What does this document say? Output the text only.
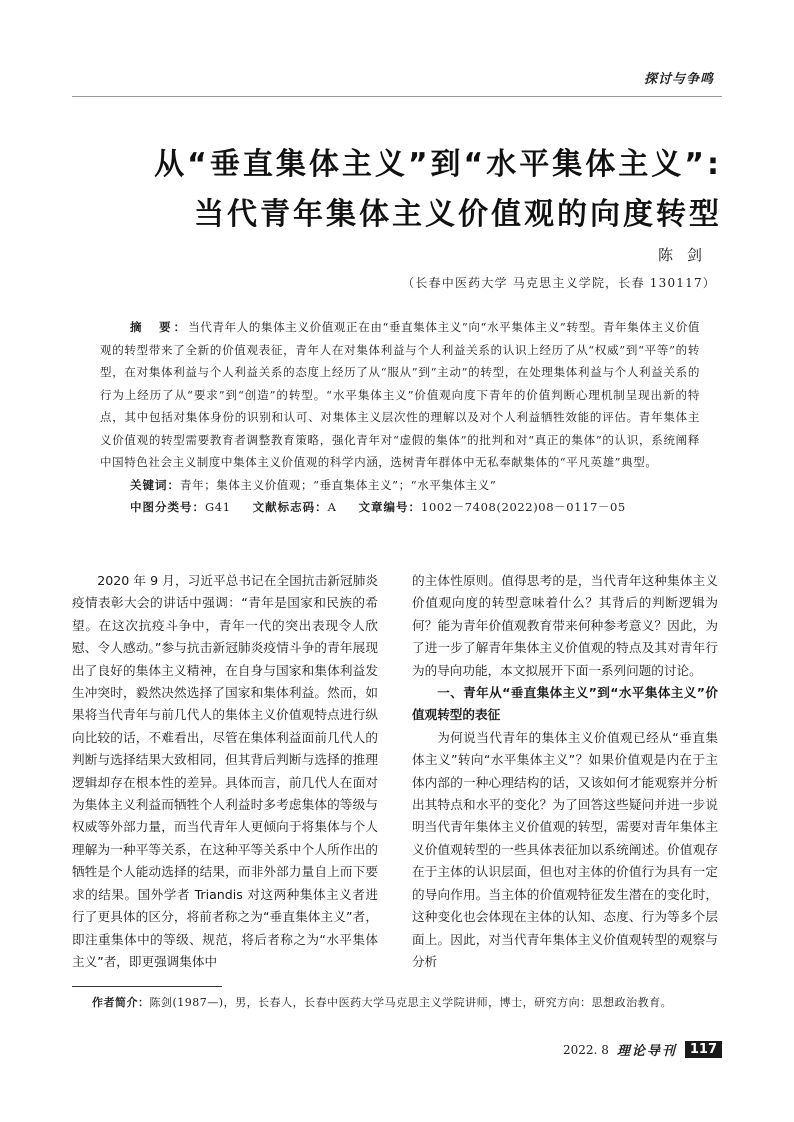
探讨与争鸣
从“垂直集体主义”到“水平集体主义”:
当代青年集体主义价值观的向度转型
陈剑
（长春中医药大学 马克思主义学院，长春 130117）
摘　要：当代青年人的集体主义价值观正在由“垂直集体主义”向“水平集体主义”转型。青年集体主义价值观的转型带来了全新的价值观表征，青年人在对集体利益与个人利益关系的认识上经历了从“权威”到“平等”的转型，在对集体利益与个人利益关系的态度上经历了从“服从”到“主动”的转型，在处理集体利益与个人利益关系的行为上经历了从“要求”到“创造”的转型。“水平集体主义”价值观向度下青年的价值判断心理机制呈现出新的特点，其中包括对集体身份的识别和认可、对集体主义层次性的理解以及对个人利益牺牲效能的评估。青年集体主义价值观的转型需要教育者调整教育策略，强化青年对“虚假的集体”的批判和对“真正的集体”的认识，系统阐释中国特色社会主义制度中集体主义价值观的科学内涵，选树青年群体中无私奉献集体的“平凡英雄”典型。
关键词：青年；集体主义价值观；“垂直集体主义”；“水平集体主义”
中图分类号：G41 文献标志码：A 文章编号：1002－7408(2022)08－0117－05

2020 年 9 月，习近平总书记在全国抗击新冠肺炎疫情表彰大会的讲话中强调：“青年是国家和民族的希望。在这次抗疫斗争中，青年一代的突出表现令人欣慰、令人感动。”参与抗击新冠肺炎疫情斗争的青年展现出了良好的集体主义精神，在自身与国家和集体利益发生冲突时，毅然决然选择了国家和集体利益。然而，如果将当代青年与前几代人的集体主义价值观特点进行纵向比较的话，不难看出，尽管在集体利益面前几代人的判断与选择结果大致相同，但其背后判断与选择的推理逻辑却存在根本性的差异。具体而言，前几代人在面对为集体主义利益而牺牲个人利益时多考虑集体的等级与权威等外部力量，而当代青年人更倾向于将集体与个人理解为一种平等关系，在这种平等关系中个人所作出的牺牲是个人能动选择的结果，而非外部力量自上而下要求的结果。国外学者 Triandis 对这两种集体主义者进行了更具体的区分，将前者称之为“垂直集体主义”者，即注重集体中的等级、规范，将后者称之为“水平集体主义”者，即更强调集体中

的主体性原则。值得思考的是，当代青年这种集体主义价值观向度的转型意味着什么？其背后的判断逻辑为何？能为青年价值观教育带来何种参考意义？因此，为了进一步了解青年集体主义价值观的特点及其对青年行为的导向功能，本文拟展开下面一系列问题的讨论。

一、青年从“垂直集体主义”到“水平集体主义”价值观转型的表征

为何说当代青年的集体主义价值观已经从“垂直集体主义”转向“水平集体主义”？如果价值观是内在于主体内部的一种心理结构的话，又该如何才能观察并分析出其特点和水平的变化？为了回答这些疑问并进一步说明当代青年集体主义价值观的转型，需要对青年集体主义价值观转型的一些具体表征加以系统阐述。价值观存在于主体的认识层面，但也对主体的价值行为具有一定的导向作用。当主体的价值观特征发生潜在的变化时，这种变化也会体现在主体的认知、态度、行为等多个层面上。因此，对当代青年集体主义价值观转型的观察与分析

作者简介：陈剑(1987—)，男，长春人，长春中医药大学马克思主义学院讲师，博士，研究方向：思想政治教育。
2022. 8 理论导刊	117
